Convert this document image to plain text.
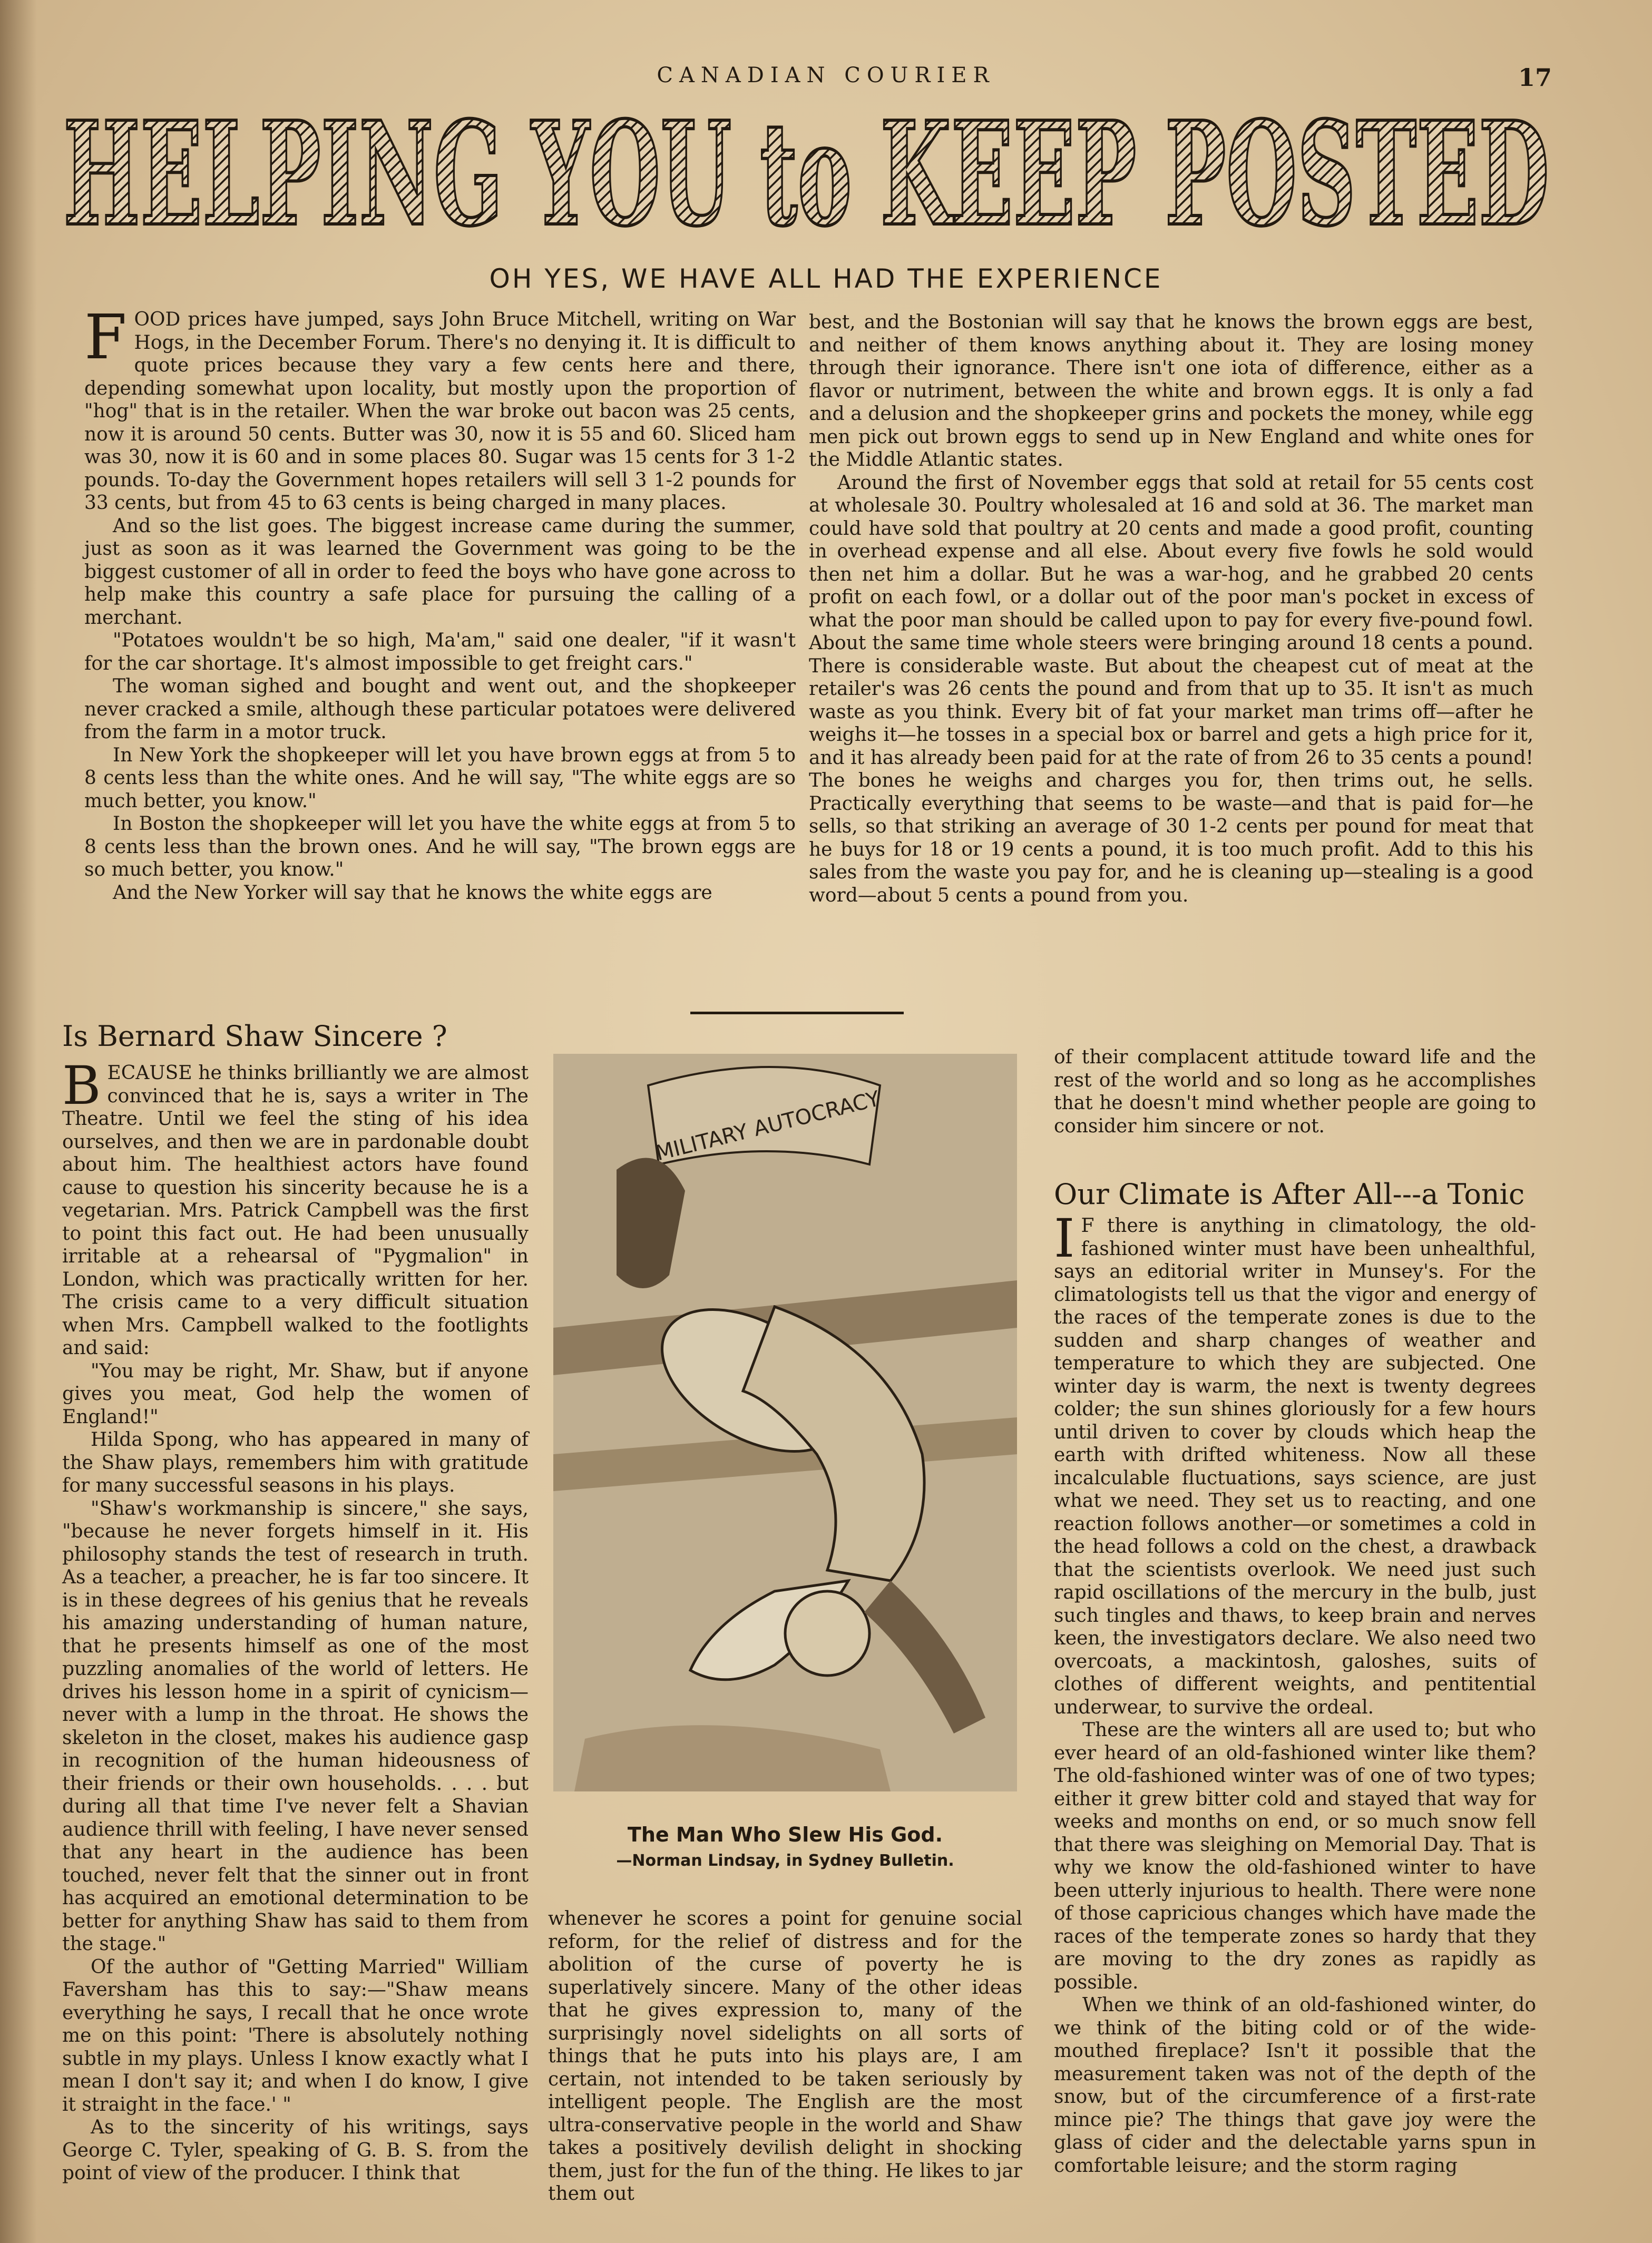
CANADIAN COURIER	17
HELPING YOU to KEEP POSTED
OH YES, WE HAVE ALL HAD THE EXPERIENCE

FOOD prices have jumped, says John Bruce Mitchell, writing on War Hogs, in the December Forum. There's no denying it. It is difficult to quote prices because they vary a few cents here and there, depending somewhat upon locality, but mostly upon the proportion of "hog" that is in the retailer. When the war broke out bacon was 25 cents, now it is around 50 cents. Butter was 30, now it is 55 and 60. Sliced ham was 30, now it is 60 and in some places 80. Sugar was 15 cents for 3 1-2 pounds. To-day the Government hopes retailers will sell 3 1-2 pounds for 33 cents, but from 45 to 63 cents is being charged in many places.

And so the list goes. The biggest increase came during the summer, just as soon as it was learned the Government was going to be the biggest customer of all in order to feed the boys who have gone across to help make this country a safe place for pursuing the calling of a merchant.

"Potatoes wouldn't be so high, Ma'am," said one dealer, "if it wasn't for the car shortage. It's almost impossible to get freight cars."

The woman sighed and bought and went out, and the shopkeeper never cracked a smile, although these particular potatoes were delivered from the farm in a motor truck.

In New York the shopkeeper will let you have brown eggs at from 5 to 8 cents less than the white ones. And he will say, "The white eggs are so much better, you know."

In Boston the shopkeeper will let you have the white eggs at from 5 to 8 cents less than the brown ones. And he will say, "The brown eggs are so much better, you know."

And the New Yorker will say that he knows the white eggs are

best, and the Bostonian will say that he knows the brown eggs are best, and neither of them knows anything about it. They are losing money through their ignorance. There isn't one iota of difference, either as a flavor or nutriment, between the white and brown eggs. It is only a fad and a delusion and the shopkeeper grins and pockets the money, while egg men pick out brown eggs to send up in New England and white ones for the Middle Atlantic states.

Around the first of November eggs that sold at retail for 55 cents cost at wholesale 30. Poultry wholesaled at 16 and sold at 36. The market man could have sold that poultry at 20 cents and made a good profit, counting in overhead expense and all else. About every five fowls he sold would then net him a dollar. But he was a war-hog, and he grabbed 20 cents profit on each fowl, or a dollar out of the poor man's pocket in excess of what the poor man should be called upon to pay for every five-pound fowl. About the same time whole steers were bringing around 18 cents a pound. There is considerable waste. But about the cheapest cut of meat at the retailer's was 26 cents the pound and from that up to 35. It isn't as much waste as you think. Every bit of fat your market man trims off—after he weighs it—he tosses in a special box or barrel and gets a high price for it, and it has already been paid for at the rate of from 26 to 35 cents a pound! The bones he weighs and charges you for, then trims out, he sells. Practically everything that seems to be waste—and that is paid for—he sells, so that striking an average of 30 1-2 cents per pound for meat that he buys for 18 or 19 cents a pound, it is too much profit. Add to this his sales from the waste you pay for, and he is cleaning up—stealing is a good word—about 5 cents a pound from you.

Is Bernard Shaw Sincere ?

BECAUSE he thinks brilliantly we are almost convinced that he is, says a writer in The Theatre. Until we feel the sting of his idea ourselves, and then we are in pardonable doubt about him. The healthiest actors have found cause to question his sincerity because he is a vegetarian. Mrs. Patrick Campbell was the first to point this fact out. He had been unusually irritable at a rehearsal of "Pygmalion" in London, which was practically written for her. The crisis came to a very difficult situation when Mrs. Campbell walked to the footlights and said:

"You may be right, Mr. Shaw, but if anyone gives you meat, God help the women of England!"

Hilda Spong, who has appeared in many of the Shaw plays, remembers him with gratitude for many successful seasons in his plays.

"Shaw's workmanship is sincere," she says, "because he never forgets himself in it. His philosophy stands the test of research in truth. As a teacher, a preacher, he is far too sincere. It is in these degrees of his genius that he reveals his amazing understanding of human nature, that he presents himself as one of the most puzzling anomalies of the world of letters. He drives his lesson home in a spirit of cynicism—never with a lump in the throat. He shows the skeleton in the closet, makes his audience gasp in recognition of the human hideousness of their friends or their own households. . . . but during all that time I've never felt a Shavian audience thrill with feeling, I have never sensed that any heart in the audience has been touched, never felt that the sinner out in front has acquired an emotional determination to be better for anything Shaw has said to them from the stage."

Of the author of "Getting Married" William Faversham has this to say:—"Shaw means everything he says, I recall that he once wrote me on this point: 'There is absolutely nothing subtle in my plays. Unless I know exactly what I mean I don't say it; and when I do know, I give it straight in the face.' "

As to the sincerity of his writings, says George C. Tyler, speaking of G. B. S. from the point of view of the producer. I think that

MILITARY AUTOCRACY
The Man Who Slew His God.
—Norman Lindsay, in Sydney Bulletin.

whenever he scores a point for genuine social reform, for the relief of distress and for the abolition of the curse of poverty he is superlatively sincere. Many of the other ideas that he gives expression to, many of the surprisingly novel sidelights on all sorts of things that he puts into his plays are, I am certain, not intended to be taken seriously by intelligent people. The English are the most ultra-conservative people in the world and Shaw takes a positively devilish delight in shocking them, just for the fun of the thing. He likes to jar them out

of their complacent attitude toward life and the rest of the world and so long as he accomplishes that he doesn't mind whether people are going to consider him sincere or not.

Our Climate is After All---a Tonic

I F there is anything in climatology, the old-fashioned winter must have been unhealthful, says an editorial writer in Munsey's. For the climatologists tell us that the vigor and energy of the races of the temperate zones is due to the sudden and sharp changes of weather and temperature to which they are subjected. One winter day is warm, the next is twenty degrees colder; the sun shines gloriously for a few hours until driven to cover by clouds which heap the earth with drifted whiteness. Now all these incalculable fluctuations, says science, are just what we need. They set us to reacting, and one reaction follows another—or sometimes a cold in the head follows a cold on the chest, a drawback that the scientists overlook. We need just such rapid oscillations of the mercury in the bulb, just such tingles and thaws, to keep brain and nerves keen, the investigators declare. We also need two overcoats, a mackintosh, galoshes, suits of clothes of different weights, and pentitential underwear, to survive the ordeal.

These are the winters all are used to; but who ever heard of an old-fashioned winter like them? The old-fashioned winter was of one of two types; either it grew bitter cold and stayed that way for weeks and months on end, or so much snow fell that there was sleighing on Memorial Day. That is why we know the old-fashioned winter to have been utterly injurious to health. There were none of those capricious changes which have made the races of the temperate zones so hardy that they are moving to the dry zones as rapidly as possible.

When we think of an old-fashioned winter, do we think of the biting cold or of the wide-mouthed fireplace? Isn't it possible that the measurement taken was not of the depth of the snow, but of the circumference of a first-rate mince pie? The things that gave joy were the glass of cider and the delectable yarns spun in comfortable leisure; and the storm raging
